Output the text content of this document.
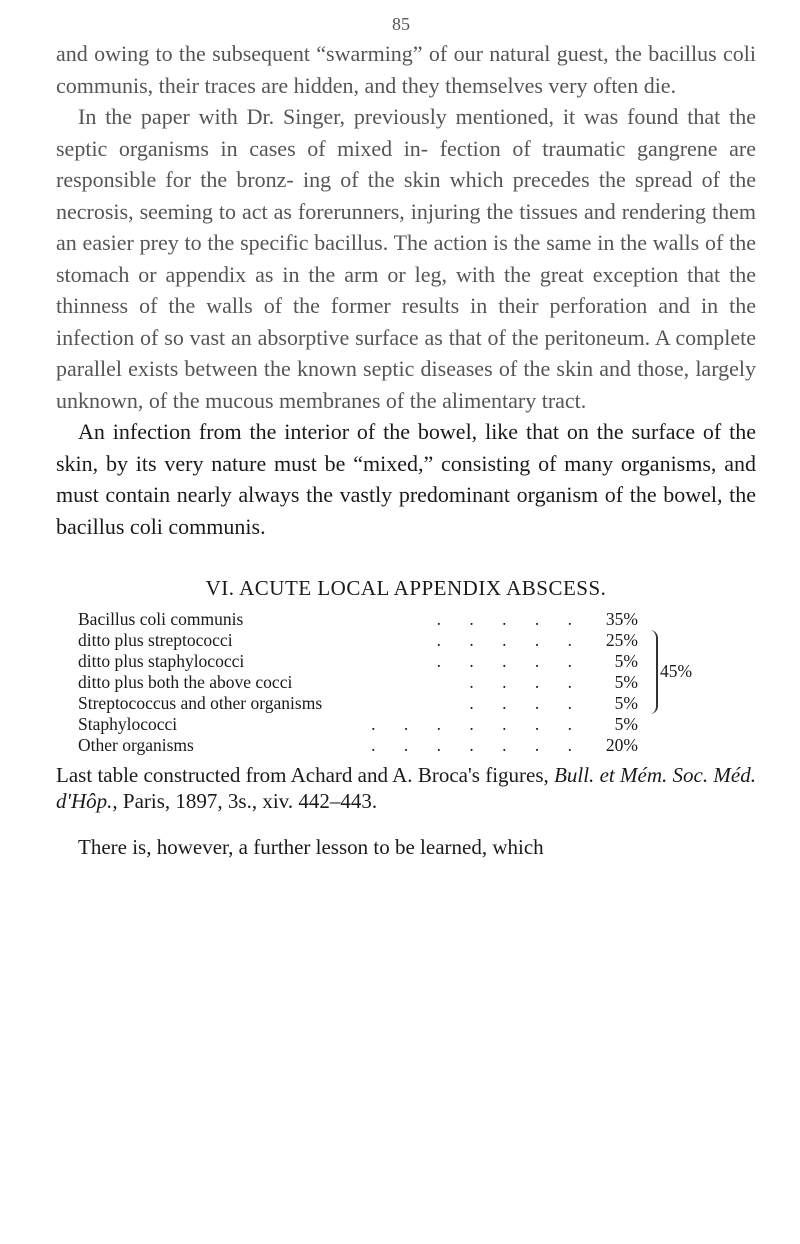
85

and owing to the subsequent “swarming” of our natural guest, the bacillus coli communis, their traces are hidden, and they themselves very often die.

In the paper with Dr. Singer, previously mentioned, it was found that the septic organisms in cases of mixed in- fection of traumatic gangrene are responsible for the bronz- ing of the skin which precedes the spread of the necrosis, seeming to act as forerunners, injuring the tissues and rendering them an easier prey to the specific bacillus. The action is the same in the walls of the stomach or appendix as in the arm or leg, with the great exception that the thinness of the walls of the former results in their perforation and in the infection of so vast an absorptive surface as that of the peritoneum. A complete parallel exists between the known septic diseases of the skin and those, largely unknown, of the mucous membranes of the alimentary tract.

An infection from the interior of the bowel, like that on the surface of the skin, by its very nature must be “mixed,” consisting of many organisms, and must contain nearly always the vastly predominant organism of the bowel, the bacillus coli communis.

VI. ACUTE LOCAL APPENDIX ABSCESS.
Bacillus coli communis	. . . . .	35%
ditto plus streptococci	. . . . .	25%
ditto plus staphylococci	. . . . .	5%
ditto plus both the above cocci	. . . .	5%
Streptococcus and other organisms	. . . .	5%
Staphylococci	. . . . . . .	5%
Other organisms	. . . . . . .	20%
45%

Last table constructed from Achard and A. Broca's figures, Bull. et Mém. Soc. Méd. d'Hôp., Paris, 1897, 3s., xiv. 442–443.

There is, however, a further lesson to be learned, which
